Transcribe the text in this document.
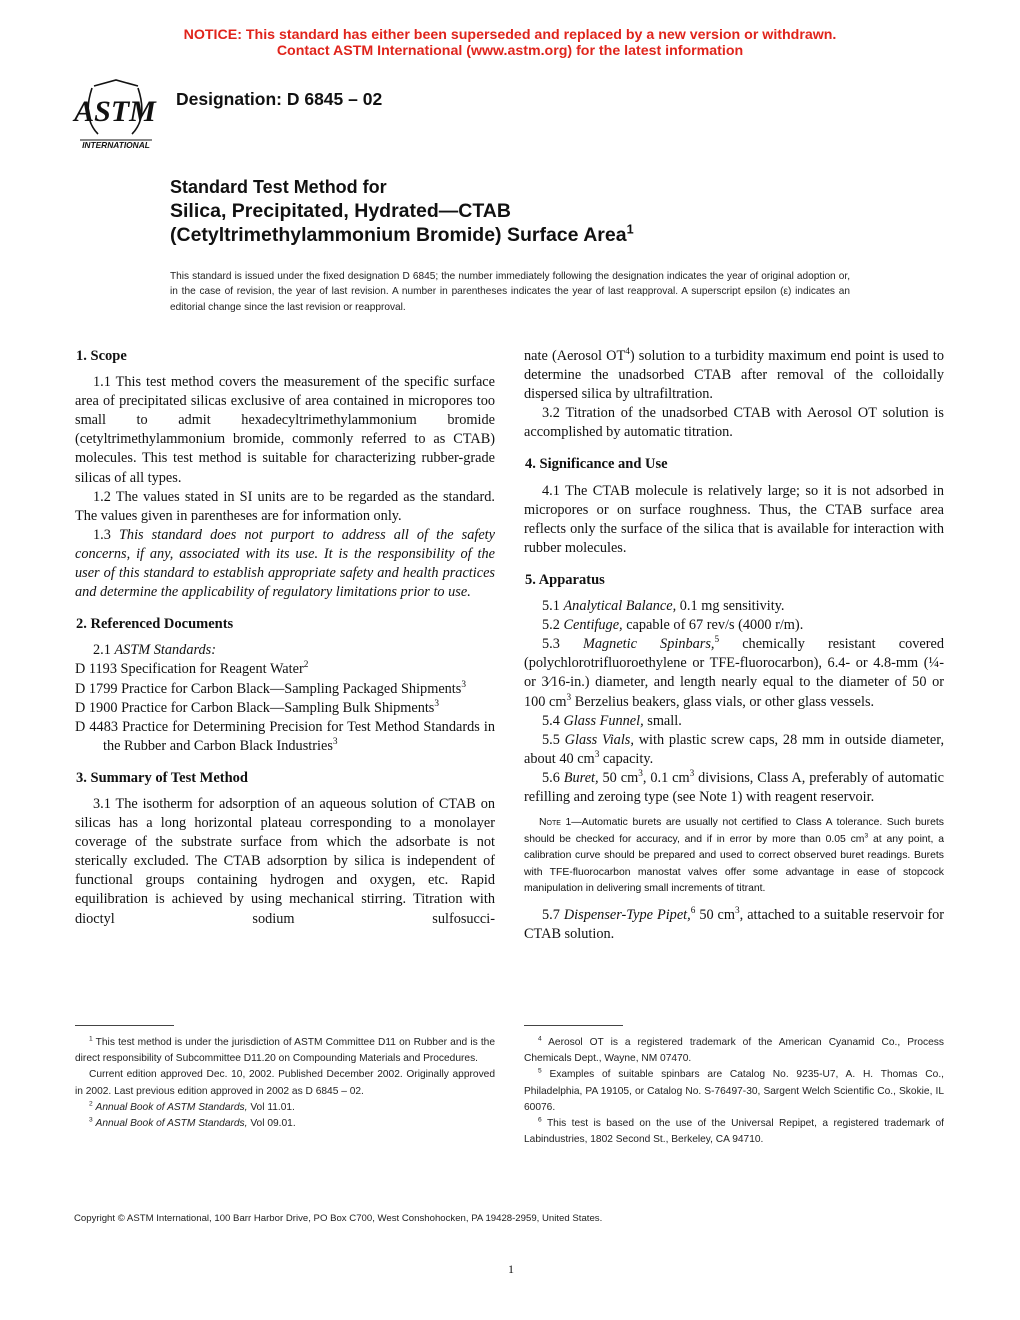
NOTICE: This standard has either been superseded and replaced by a new version or withdrawn.
Contact ASTM International (www.astm.org) for the latest information
ASTM
INTERNATIONAL
Designation: D 6845 – 02
Standard Test Method for
Silica, Precipitated, Hydrated—CTAB
(Cetyltrimethylammonium Bromide) Surface Area$^1$
This standard is issued under the fixed designation D 6845; the number immediately following the designation indicates the year of original adoption or, in the case of revision, the year of last revision. A number in parentheses indicates the year of last reapproval. A superscript epsilon (ε) indicates an editorial change since the last revision or reapproval.
1. Scope

1.1 This test method covers the measurement of the specific surface area of precipitated silicas exclusive of area contained in micropores too small to admit hexadecyltrimethylammonium bromide (cetyltrimethylammonium bromide, commonly referred to as CTAB) molecules. This test method is suitable for characterizing rubber-grade silicas of all types.

1.2 The values stated in SI units are to be regarded as the standard. The values given in parentheses are for information only.

1.3 This standard does not purport to address all of the safety concerns, if any, associated with its use. It is the responsibility of the user of this standard to establish appropriate safety and health practices and determine the applicability of regulatory limitations prior to use.

2. Referenced Documents

2.1 ASTM Standards:

D 1193 Specification for Reagent Water$^2$

D 1799 Practice for Carbon Black—Sampling Packaged Shipments$^3$

D 1900 Practice for Carbon Black—Sampling Bulk Shipments$^3$

D 4483 Practice for Determining Precision for Test Method Standards in the Rubber and Carbon Black Industries$^3$

3. Summary of Test Method

3.1 The isotherm for adsorption of an aqueous solution of CTAB on silicas has a long horizontal plateau corresponding to a monolayer coverage of the substrate surface from which the adsorbate is not sterically excluded. The CTAB adsorption by silica is independent of functional groups containing hydrogen and oxygen, etc. Rapid equilibration is achieved by using mechanical stirring. Titration with dioctyl sodium sulfosucci-

$^1$ This test method is under the jurisdiction of ASTM Committee D11 on Rubber and is the direct responsibility of Subcommittee D11.20 on Compounding Materials and Procedures.

Current edition approved Dec. 10, 2002. Published December 2002. Originally approved in 2002. Last previous edition approved in 2002 as D 6845 – 02.

$^2$ Annual Book of ASTM Standards, Vol 11.01.

$^3$ Annual Book of ASTM Standards, Vol 09.01.

nate (Aerosol $OT^4$) solution to a turbidity maximum end point is used to determine the unadsorbed CTAB after removal of the colloidally dispersed silica by ultrafiltration.

3.2 Titration of the unadsorbed CTAB with Aerosol OT solution is accomplished by automatic titration.

4. Significance and Use

4.1 The CTAB molecule is relatively large; so it is not adsorbed in micropores or on surface roughness. Thus, the CTAB surface area reflects only the surface of the silica that is available for interaction with rubber molecules.

5. Apparatus

5.1 Analytical Balance, 0.1 mg sensitivity.

5.2 Centifuge, capable of 67 rev/s (4000 r/m).

5.3 Magnetic Spinbars,$^5$ chemically resistant covered (polychlorotrifluoroethylene or TFE-fluorocarbon), 6.4- or 4.8-mm (¼- or 3⁄16-in.) diameter, and length nearly equal to the diameter of 50 or 100 $cm^3$ Berzelius beakers, glass vials, or other glass vessels.

5.4 Glass Funnel, small.

5.5 Glass Vials, with plastic screw caps, 28 mm in outside diameter, about 40 $cm^3$ capacity.

5.6 Buret, 50 $cm^3$, 0.1 $cm^3$ divisions, Class A, preferably of automatic refilling and zeroing type (see Note 1) with reagent reservoir.

Note 1—Automatic burets are usually not certified to Class A tolerance. Such burets should be checked for accuracy, and if in error by more than 0.05 $cm^3$ at any point, a calibration curve should be prepared and used to correct observed buret readings. Burets with TFE-fluorocarbon manostat valves offer some advantage in ease of stopcock manipulation in delivering small increments of titrant.

5.7 Dispenser-Type Pipet,$^6$ 50 $cm^3$, attached to a suitable reservoir for CTAB solution.

$^4$ Aerosol OT is a registered trademark of the American Cyanamid Co., Process Chemicals Dept., Wayne, NM 07470.

$^5$ Examples of suitable spinbars are Catalog No. 9235-U7, A. H. Thomas Co., Philadelphia, PA 19105, or Catalog No. S-76497-30, Sargent Welch Scientific Co., Skokie, IL 60076.

$^6$ This test is based on the use of the Universal Repipet, a registered trademark of Labindustries, 1802 Second St., Berkeley, CA 94710.

Copyright © ASTM International, 100 Barr Harbor Drive, PO Box C700, West Conshohocken, PA 19428-2959, United States.
1
